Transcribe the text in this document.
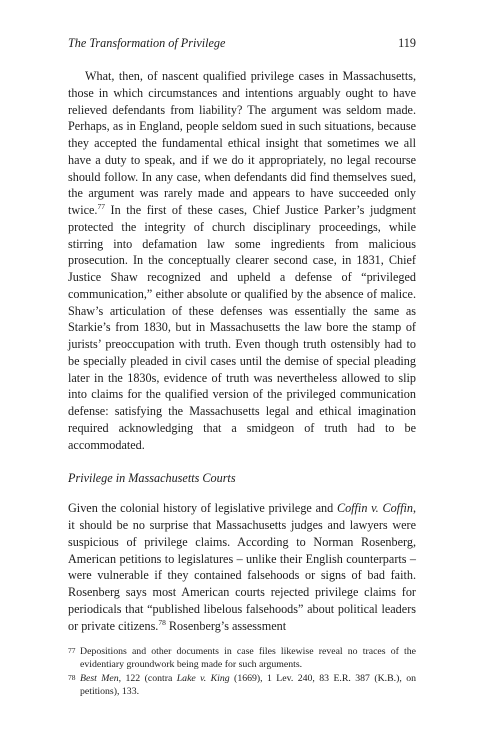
The Transformation of Privilege	119

What, then, of nascent qualified privilege cases in Massachusetts, those in which circumstances and intentions arguably ought to have relieved defendants from liability? The argument was seldom made. Perhaps, as in England, people seldom sued in such situations, because they accepted the fundamental ethical insight that sometimes we all have a duty to speak, and if we do it appropriately, no legal recourse should follow. In any case, when defendants did find themselves sued, the argument was rarely made and appears to have succeeded only twice.$^{77}$ In the first of these cases, Chief Justice Parker’s judgment protected the integrity of church disciplinary proceedings, while stirring into defamation law some ingredients from malicious prosecution. In the conceptually clearer second case, in 1831, Chief Justice Shaw recognized and upheld a defense of “privileged communication,” either absolute or qualified by the absence of malice. Shaw’s articulation of these defenses was essentially the same as Starkie’s from 1830, but in Massachusetts the law bore the stamp of jurists’ preoccupation with truth. Even though truth ostensibly had to be specially pleaded in civil cases until the demise of special pleading later in the 1830s, evidence of truth was nevertheless allowed to slip into claims for the qualified version of the privileged communication defense: satisfying the Massachusetts legal and ethical imagination required acknowledging that a smidgeon of truth had to be accommodated.

Privilege in Massachusetts Courts

Given the colonial history of legislative privilege and Coffin v. Coffin, it should be no surprise that Massachusetts judges and lawyers were suspicious of privilege claims. According to Norman Rosenberg, American petitions to legislatures – unlike their English counterparts – were vulnerable if they contained falsehoods or signs of bad faith. Rosenberg says most American courts rejected privilege claims for periodicals that “published libelous falsehoods” about political leaders or private citizens.$^{78}$ Rosenberg’s assessment

77 Depositions and other documents in case files likewise reveal no traces of the evidentiary groundwork being made for such arguments.
78 Best Men, 122 (contra Lake v. King (1669), 1 Lev. 240, 83 E.R. 387 (K.B.), on petitions), 133.
